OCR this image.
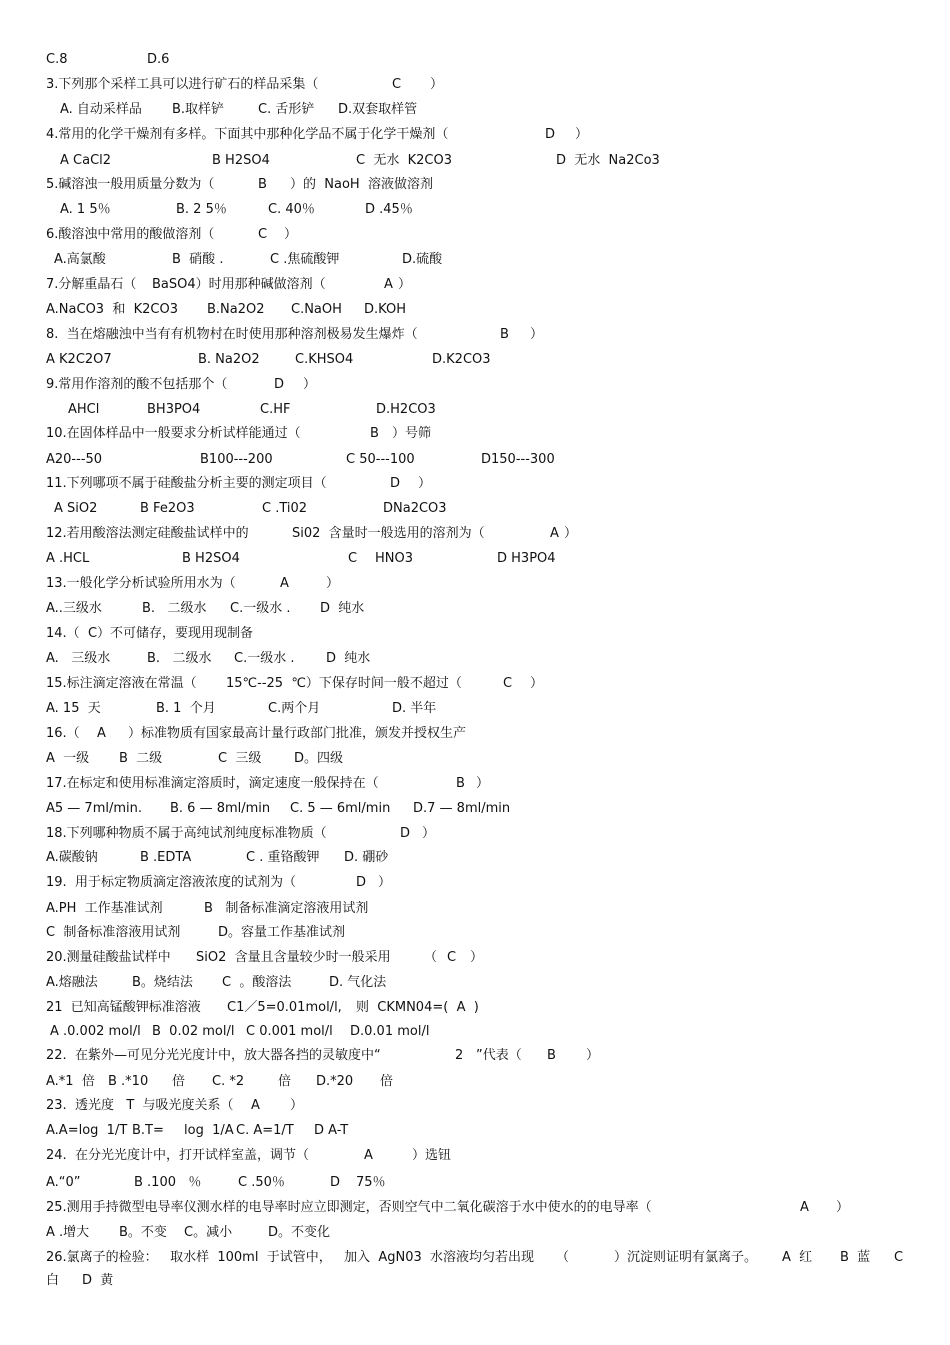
C.8	D.6
3.下列那个采样工具可以进行矿石的样品采集（	C ）
A. 自动采样品 B.取样铲	C. 舌形铲 D.双套取样管
4.常用的化学干燥剂有多样。下面其中那种化学品不属于化学干燥剂（	D ）
A CaCl2	B H2SO4	C  无水  K2CO3	D  无水  Na2Co3
5.碱溶浊一般用质量分数为（	B ）的  NaoH  溶液做溶剂
A. 1 5％	B. 2 5％	C. 40％	D .45％
6.酸溶浊中常用的酸做溶剂（	C ）
A.高氯酸	B  硝酸 .	C .焦硫酸钾	D.硫酸
7.分解重晶石（ BaSO4）时用那种碱做溶剂（	A ）
A.NaCO3  和  K2CO3 B.Na2O2 C.NaOH D.KOH
8.  当在熔融浊中当有有机物村在时使用那种溶剂极易发生爆炸（	B ）
A K2C2O7	B. Na2O2	C.KHSO4	D.K2CO3
9.常用作溶剂的酸不包括那个（	D ）
AHCl	BH3PO4	C.HF	D.H2CO3
10.在固体样品中一般要求分析试样能通过（	B ）号筛
A20---50	B100---200	C 50---100	D150---300
11.下列哪项不属于硅酸盐分析主要的测定项目（	D ）
A SiO2	B Fe2O3	C .Ti02	DNa2CO3
12.若用酸溶法测定硅酸盐试样中的	Si02  含量时一般选用的溶剂为（	A ）
A .HCL	B H2SO4	C HNO3	D H3PO4
13.一般化学分析试验所用水为（	A	）
A..三级水	B.   二级水 C.一级水 . D  纯水
14.（  C）不可储存，要现用现制备
A.   三级水	B.   二级水 C.一级水 . D  纯水
15.标注滴定溶液在常温（ 15℃--25  ℃）下保存时间一般不超过（	C ）
A. 15  天	B. 1  个月	C.两个月	D. 半年
16.（ A ）标准物质有国家最高计量行政部门批准，颁发并授权生产
A  一级 B  二级	C  三级	D。四级
17.在标定和使用标准滴定溶质时，滴定速度一般保持在（	B ）
A5 — 7ml/min. B. 6 — 8ml/min C. 5 — 6ml/min D.7 — 8ml/min
18.下列哪种物质不属于高纯试剂纯度标准物质（	D ）
A.碳酸钠	B .EDTA	C . 重铬酸钾 D. 硼砂
19.  用于标定物质滴定溶液浓度的试剂为（	D ）
A.PH  工作基准试剂	B   制备标准滴定溶液用试剂
C  制备标准溶液用试剂	D。容量工作基准试剂
20.测量硅酸盐试样中 SiO2  含量且含量较少时一般采用	（ C ）
A.熔融法	B。烧结法 C  。酸溶法	D. 气化法
21  已知高锰酸钾标准溶液 C1／5=0.01mol/l, 则  CKMN04=(  A  )
A .0.002 mol/l B  0.02 mol/l C 0.001 mol/l D.0.01 mol/l
22.  在紫外—可见分光光度计中，放大器各挡的灵敏度中“	2 ”代表（ B ）
A.*1  倍 B .*10 倍 C. *2	倍 D.*20 倍
23.  透光度   T  与吸光度关系（ A ）
A.A=log  1/T B.T= log  1/A C. A=1/T D A-T
24.  在分光光度计中，打开试样室盖，调节（	A	）选钮
A.“0”	B .100   ％	C .50％	D 75％
25.测用手持微型电导率仪测水样的电导率时应立即测定，否则空气中二氧化碳溶于水中使水的的电导率（	A ）
A .增大 B。不变 C。减小	D。不变化
26.氯离子的检验：   取水样  100ml  于试管中，   加入  AgN03  水溶液均匀若出现 （	）沉淀则证明有氯离子。 A  红 B  蓝 C
白 D  黄
